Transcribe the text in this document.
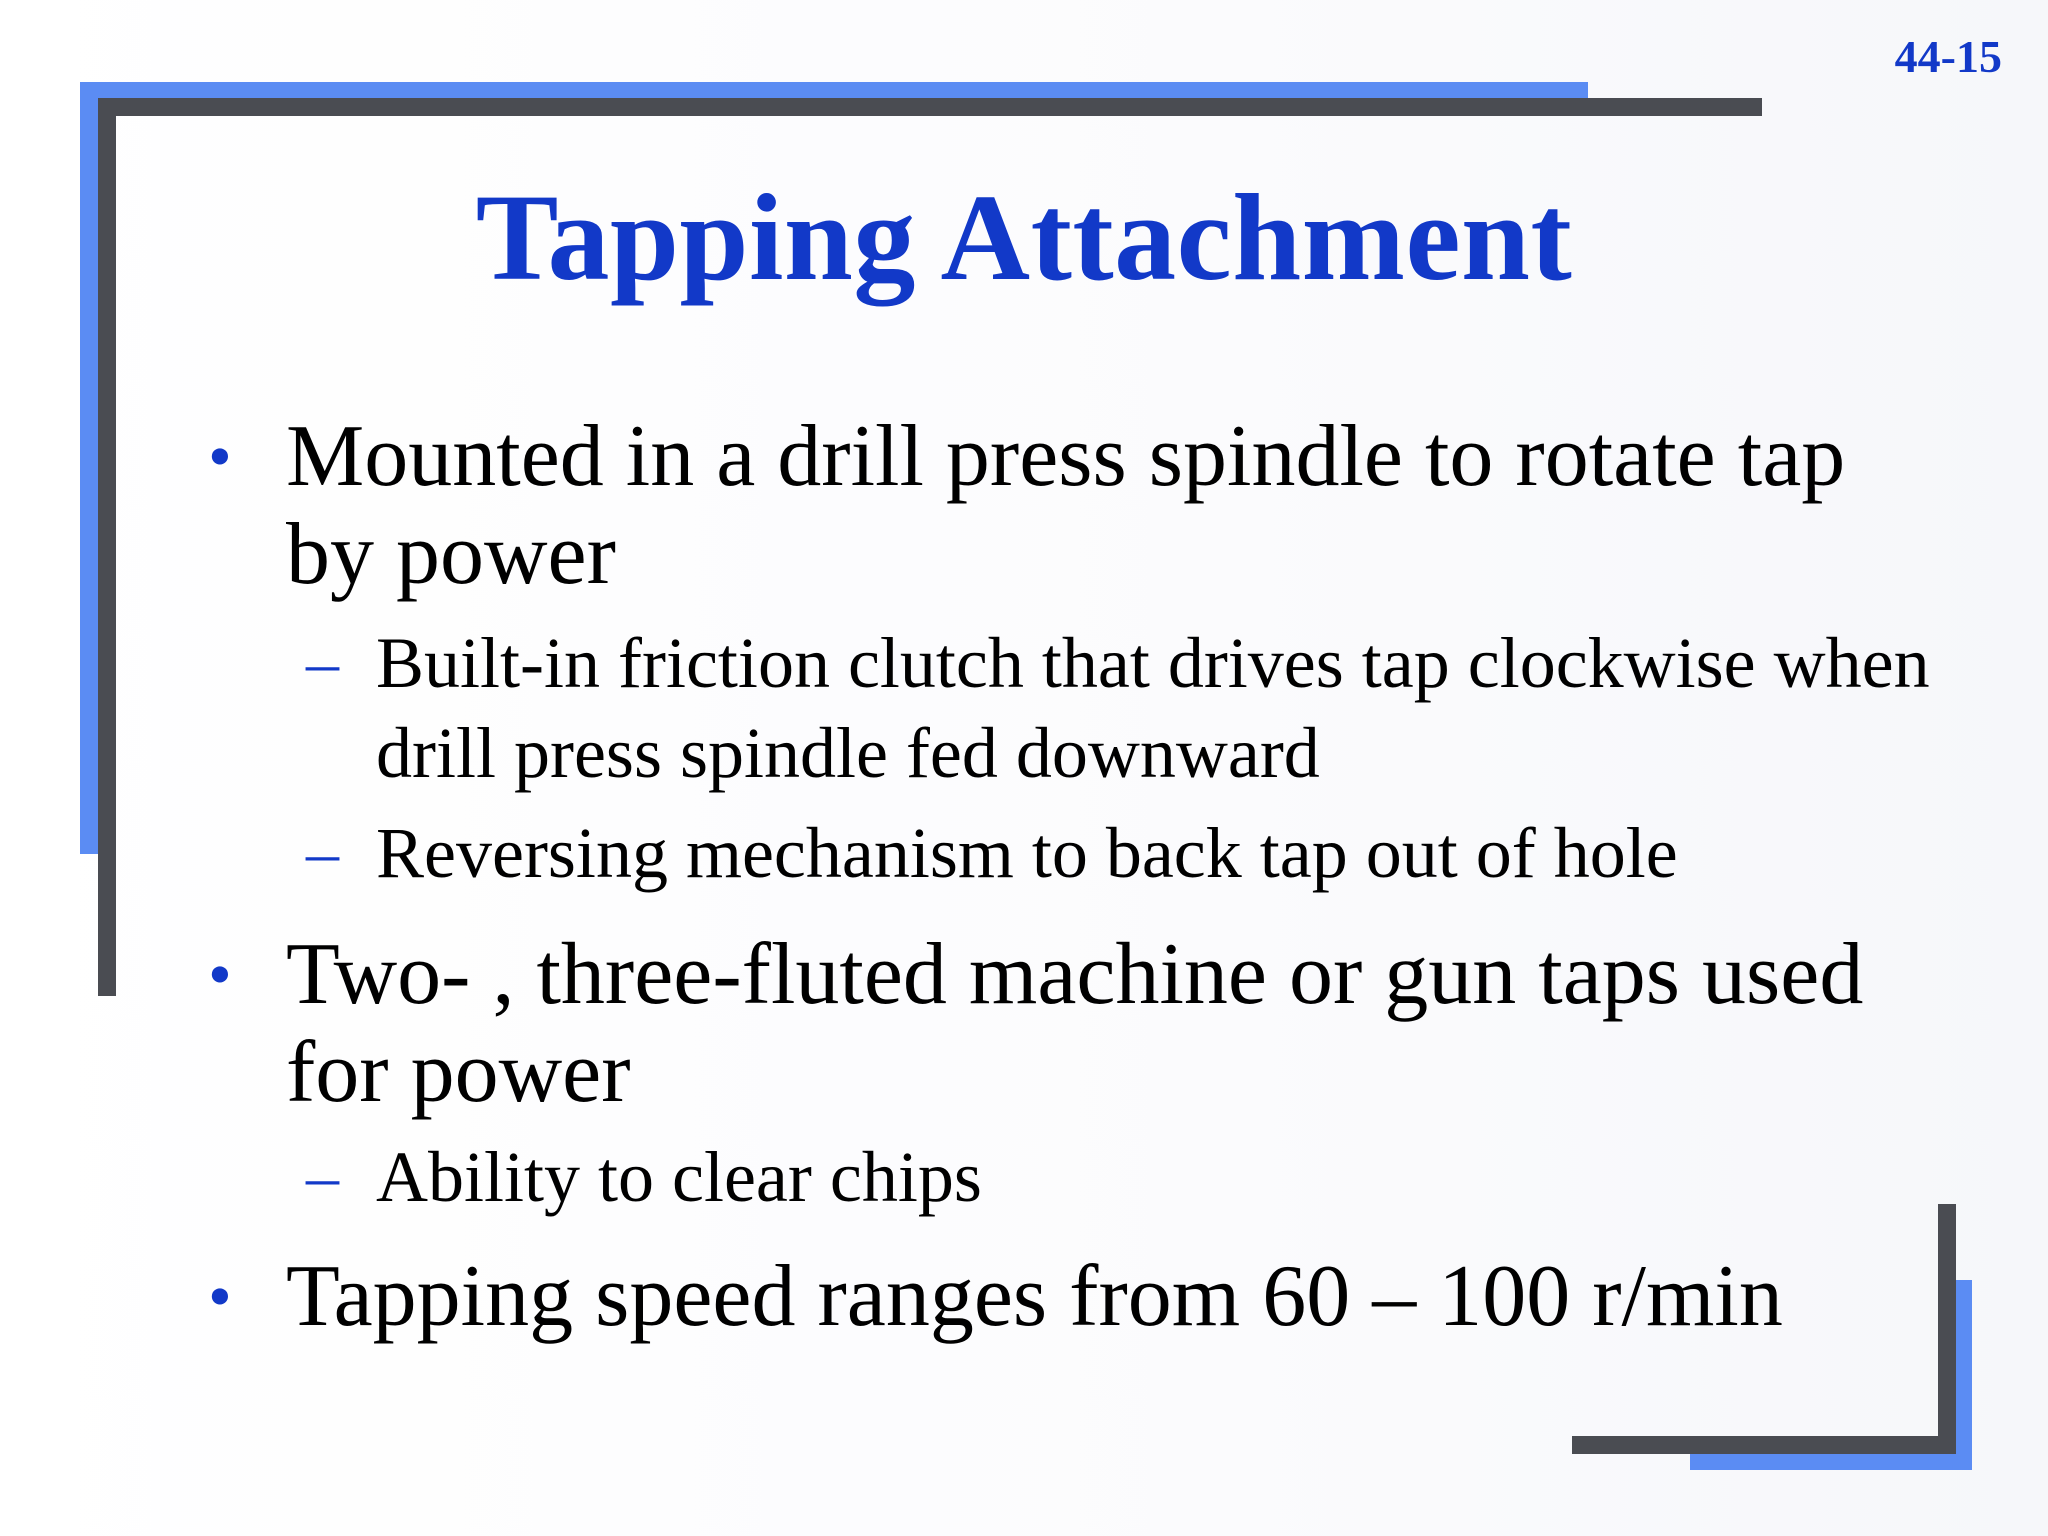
44-15
Tapping Attachment
• Mounted in a drill press spindle to rotate tap by power
– Built-in friction clutch that drives tap clockwise when drill press spindle fed downward
– Reversing mechanism to back tap out of hole
• Two- , three-fluted machine or gun taps used for power
– Ability to clear chips
• Tapping speed ranges from 60 – 100 r/min
